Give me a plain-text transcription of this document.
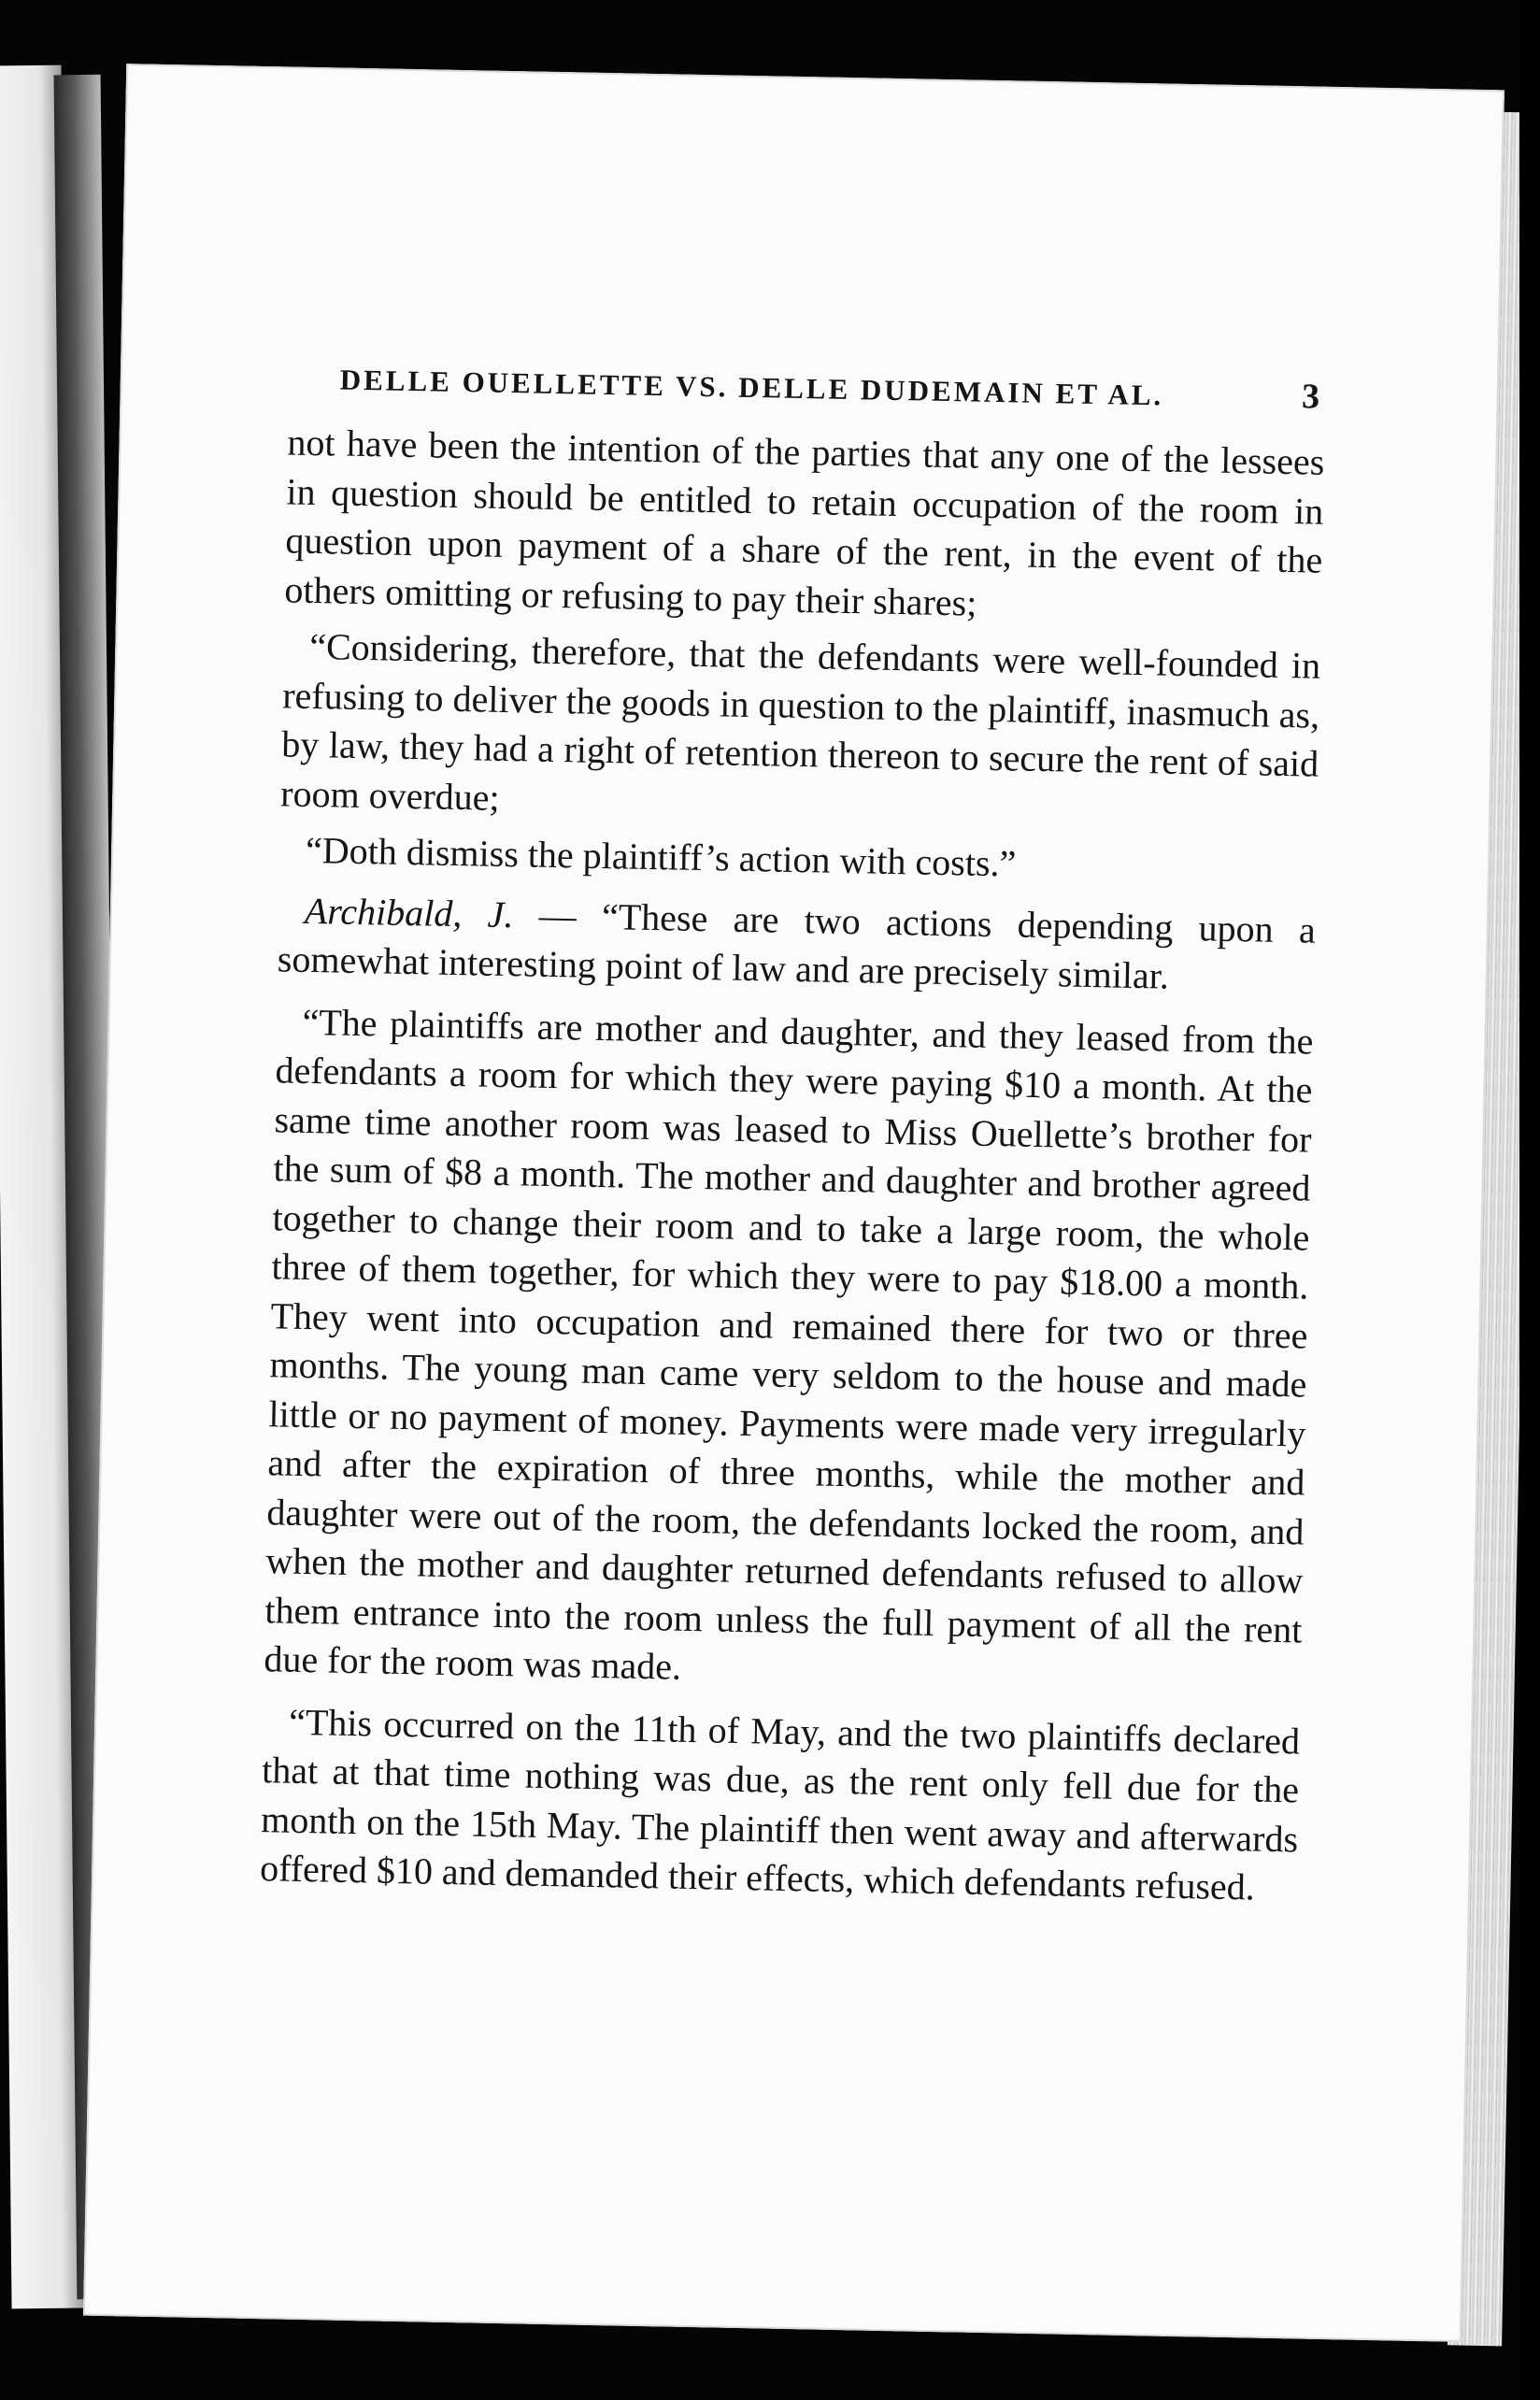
DELLE OUELLETTE VS. DELLE DUDEMAIN ET AL.	3

not have been the intention of the parties that any one of the lessees in question should be entitled to retain occupation of the room in question upon payment of a share of the rent, in the event of the others omitting or refusing to pay their shares;

“Considering, therefore, that the defendants were well-founded in refusing to deliver the goods in question to the plaintiff, inasmuch as, by law, they had a right of retention thereon to secure the rent of said room overdue;

“Doth dismiss the plaintiff’s action with costs.”

Archibald, J. — “These are two actions depending upon a somewhat interesting point of law and are precisely similar.

“The plaintiffs are mother and daughter, and they leased from the defendants a room for which they were paying $10 a month. At the same time another room was leased to Miss Ouellette’s brother for the sum of $8 a month. The mother and daughter and brother agreed together to change their room and to take a large room, the whole three of them together, for which they were to pay $18.00 a month. They went into occupation and remained there for two or three months. The young man came very seldom to the house and made little or no payment of money. Payments were made very irregularly and after the expiration of three months, while the mother and daughter were out of the room, the defendants locked the room, and when the mother and daughter returned defendants refused to allow them entrance into the room unless the full payment of all the rent due for the room was made.

“This occurred on the 11th of May, and the two plaintiffs declared that at that time nothing was due, as the rent only fell due for the month on the 15th May. The plaintiff then went away and afterwards offered $10 and demanded their effects, which defendants refused.
